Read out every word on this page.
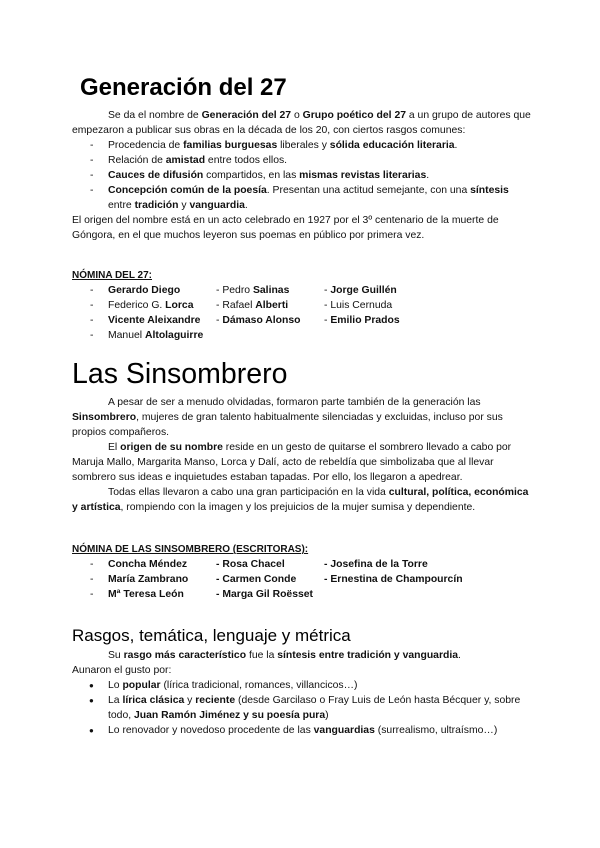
Generación del 27

Se da el nombre de Generación del 27 o Grupo poético del 27 a un grupo de autores que empezaron a publicar sus obras en la década de los 20, con ciertos rasgos comunes:

- Procedencia de familias burguesas liberales y sólida educación literaria.
- Relación de amistad entre todos ellos.
- Cauces de difusión compartidos, en las mismas revistas literarias.
- Concepción común de la poesía. Presentan una actitud semejante, con una síntesis entre tradición y vanguardia.

El origen del nombre está en un acto celebrado en 1927 por el 3º centenario de la muerte de Góngora, en el que muchos leyeron sus poemas en público por primera vez.

NÓMINA DEL 27:

-	Gerardo Diego	- Pedro Salinas	- Jorge Guillén
-	Federico G. Lorca	- Rafael Alberti	- Luis Cernuda
-	Vicente Aleixandre	- Dámaso Alonso	- Emilio Prados
-	Manuel Altolaguirre		
Las Sinsombrero

A pesar de ser a menudo olvidadas, formaron parte también de la generación las Sinsombrero, mujeres de gran talento habitualmente silenciadas y excluidas, incluso por sus propios compañeros.

El origen de su nombre reside en un gesto de quitarse el sombrero llevado a cabo por Maruja Mallo, Margarita Manso, Lorca y Dalí, acto de rebeldía que simbolizaba que al llevar sombrero sus ideas e inquietudes estaban tapadas. Por ello, los llegaron a apedrear.

Todas ellas llevaron a cabo una gran participación en la vida cultural, política, económica y artística, rompiendo con la imagen y los prejuicios de la mujer sumisa y dependiente.

NÓMINA DE LAS SINSOMBRERO (ESCRITORAS):

-	Concha Méndez	- Rosa Chacel	- Josefina de la Torre
-	María Zambrano	- Carmen Conde	- Ernestina de Champourcín
-	Mª Teresa León	- Marga Gil Roësset	
Rasgos, temática, lenguaje y métrica

Su rasgo más característico fue la síntesis entre tradición y vanguardia.

Aunaron el gusto por:

● Lo popular (lírica tradicional, romances, villancicos…)
● La lírica clásica y reciente (desde Garcilaso o Fray Luis de León hasta Bécquer y, sobre todo, Juan Ramón Jiménez y su poesía pura)
● Lo renovador y novedoso procedente de las vanguardias (surrealismo, ultraísmo…)
